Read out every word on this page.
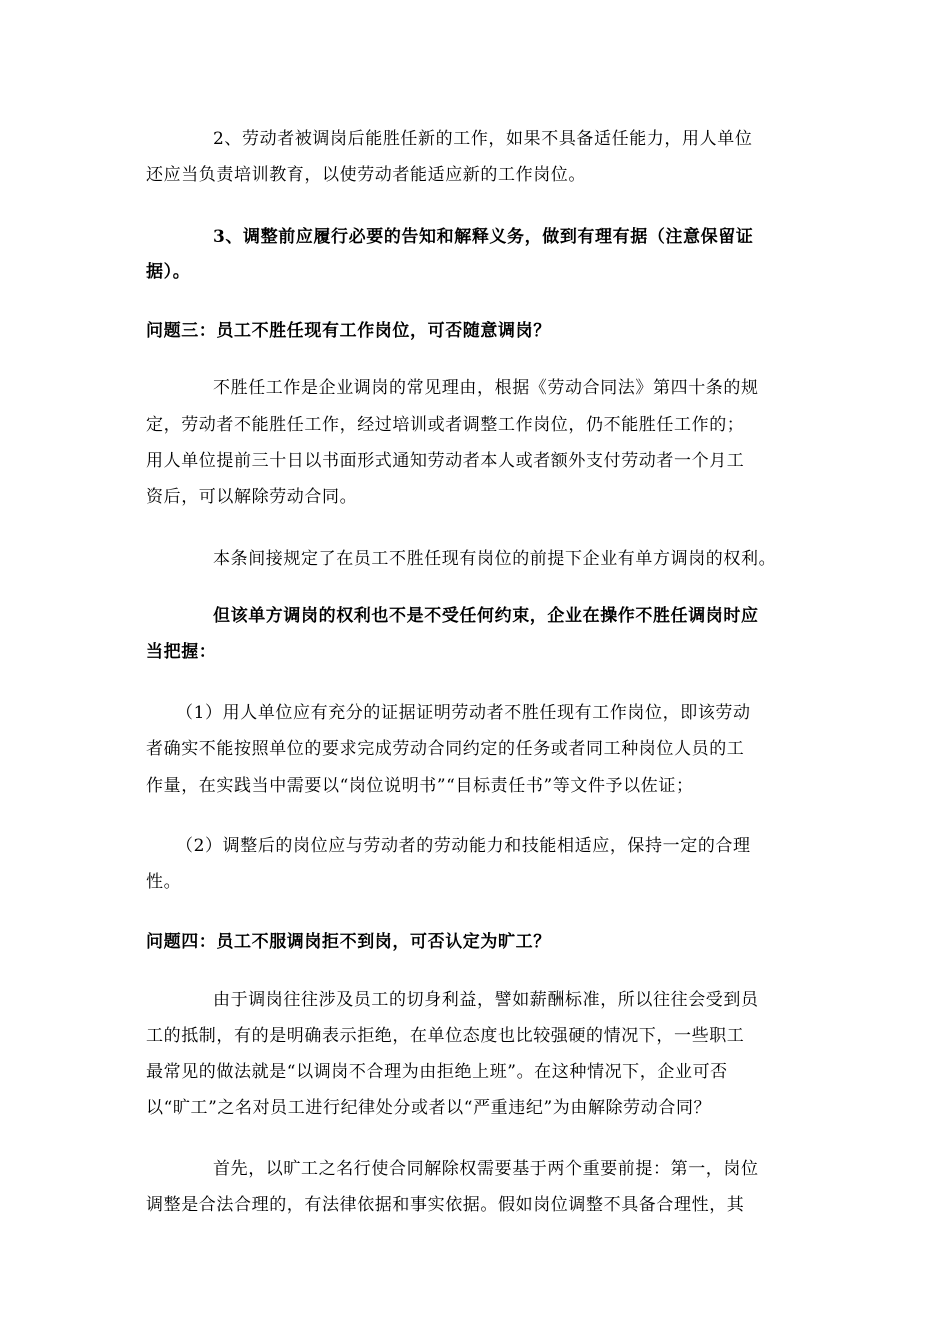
2、劳动者被调岗后能胜任新的工作，如果不具备适任能力，用人单位
还应当负责培训教育，以使劳动者能适应新的工作岗位。
3、调整前应履行必要的告知和解释义务，做到有理有据（注意保留证
据）。
问题三：员工不胜任现有工作岗位，可否随意调岗？
不胜任工作是企业调岗的常见理由，根据《劳动合同法》第四十条的规
定，劳动者不能胜任工作，经过培训或者调整工作岗位，仍不能胜任工作的；
用人单位提前三十日以书面形式通知劳动者本人或者额外支付劳动者一个月工
资后，可以解除劳动合同。
本条间接规定了在员工不胜任现有岗位的前提下企业有单方调岗的权利。
但该单方调岗的权利也不是不受任何约束，企业在操作不胜任调岗时应
当把握：
（1）用人单位应有充分的证据证明劳动者不胜任现有工作岗位，即该劳动
者确实不能按照单位的要求完成劳动合同约定的任务或者同工种岗位人员的工
作量，在实践当中需要以“岗位说明书”“目标责任书”等文件予以佐证；
（2）调整后的岗位应与劳动者的劳动能力和技能相适应，保持一定的合理
性。
问题四：员工不服调岗拒不到岗，可否认定为旷工？
由于调岗往往涉及员工的切身利益，譬如薪酬标准，所以往往会受到员
工的抵制，有的是明确表示拒绝，在单位态度也比较强硬的情况下，一些职工
最常见的做法就是“以调岗不合理为由拒绝上班”。在这种情况下，企业可否
以“旷工”之名对员工进行纪律处分或者以“严重违纪”为由解除劳动合同？
首先，以旷工之名行使合同解除权需要基于两个重要前提：第一，岗位
调整是合法合理的，有法律依据和事实依据。假如岗位调整不具备合理性，其
